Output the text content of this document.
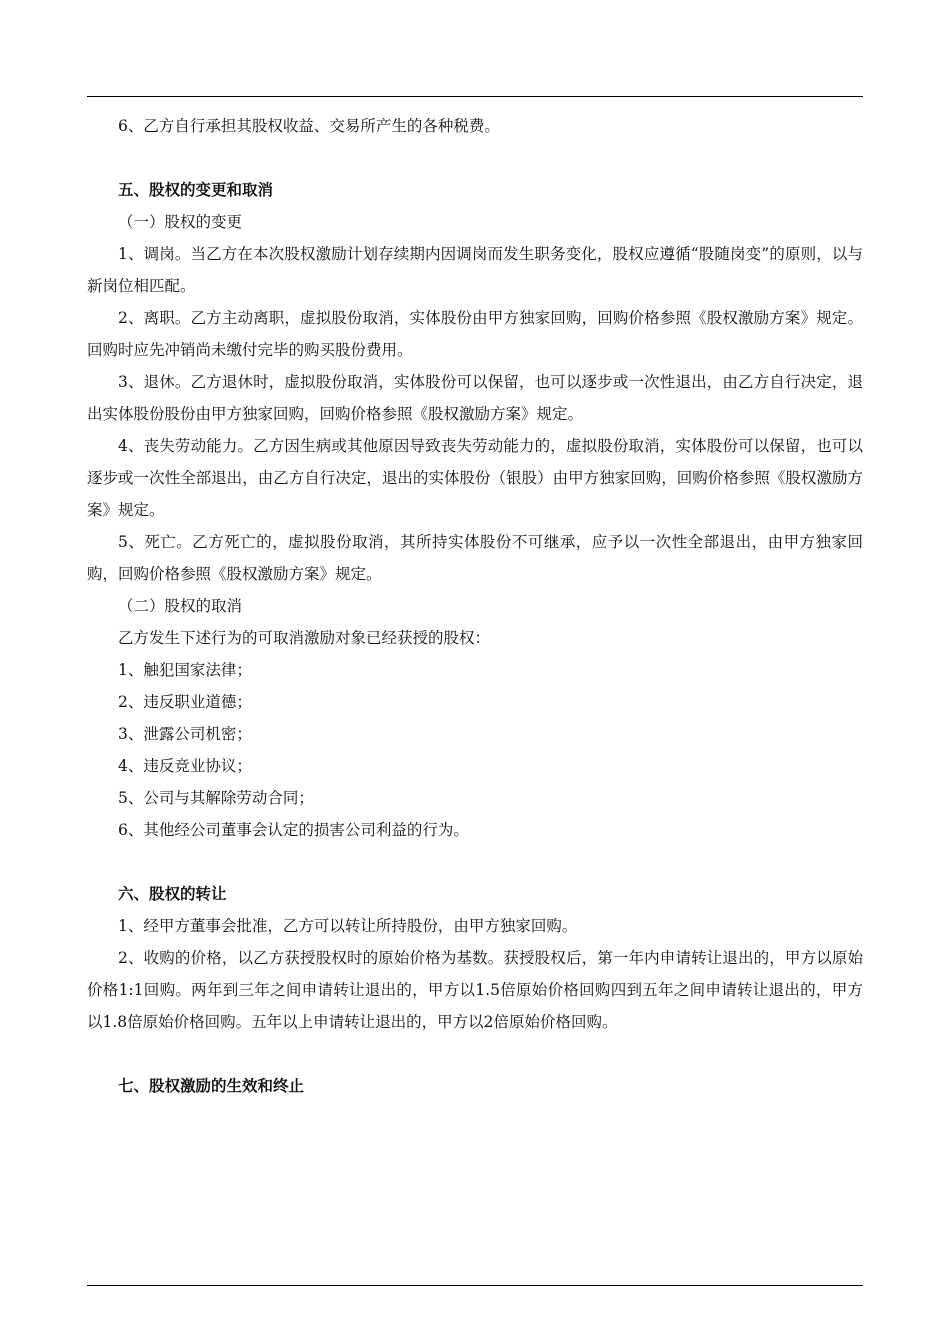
6、乙方自行承担其股权收益、交易所产生的各种税费。

五、股权的变更和取消

（一）股权的变更

1、调岗。当乙方在本次股权激励计划存续期内因调岗而发生职务变化，股权应遵循“股随岗变”的原则，以与新岗位相匹配。

2、离职。乙方主动离职，虚拟股份取消，实体股份由甲方独家回购，回购价格参照《股权激励方案》规定。回购时应先冲销尚未缴付完毕的购买股份费用。

3、退休。乙方退休时，虚拟股份取消，实体股份可以保留，也可以逐步或一次性退出，由乙方自行决定，退出实体股份股份由甲方独家回购，回购价格参照《股权激励方案》规定。

4、丧失劳动能力。乙方因生病或其他原因导致丧失劳动能力的，虚拟股份取消，实体股份可以保留，也可以逐步或一次性全部退出，由乙方自行决定，退出的实体股份（银股）由甲方独家回购，回购价格参照《股权激励方案》规定。

5、死亡。乙方死亡的，虚拟股份取消，其所持实体股份不可继承，应予以一次性全部退出，由甲方独家回购，回购价格参照《股权激励方案》规定。

（二）股权的取消

乙方发生下述行为的可取消激励对象已经获授的股权：

1、触犯国家法律；

2、违反职业道德；

3、泄露公司机密；

4、违反竞业协议；

5、公司与其解除劳动合同；

6、其他经公司董事会认定的损害公司利益的行为。

六、股权的转让

1、经甲方董事会批准，乙方可以转让所持股份，由甲方独家回购。

2、收购的价格，以乙方获授股权时的原始价格为基数。获授股权后，第一年内申请转让退出的，甲方以原始价格1:1回购。两年到三年之间申请转让退出的，甲方以1.5倍原始价格回购四到五年之间申请转让退出的，甲方以1.8倍原始价格回购。五年以上申请转让退出的，甲方以2倍原始价格回购。

七、股权激励的生效和终止
